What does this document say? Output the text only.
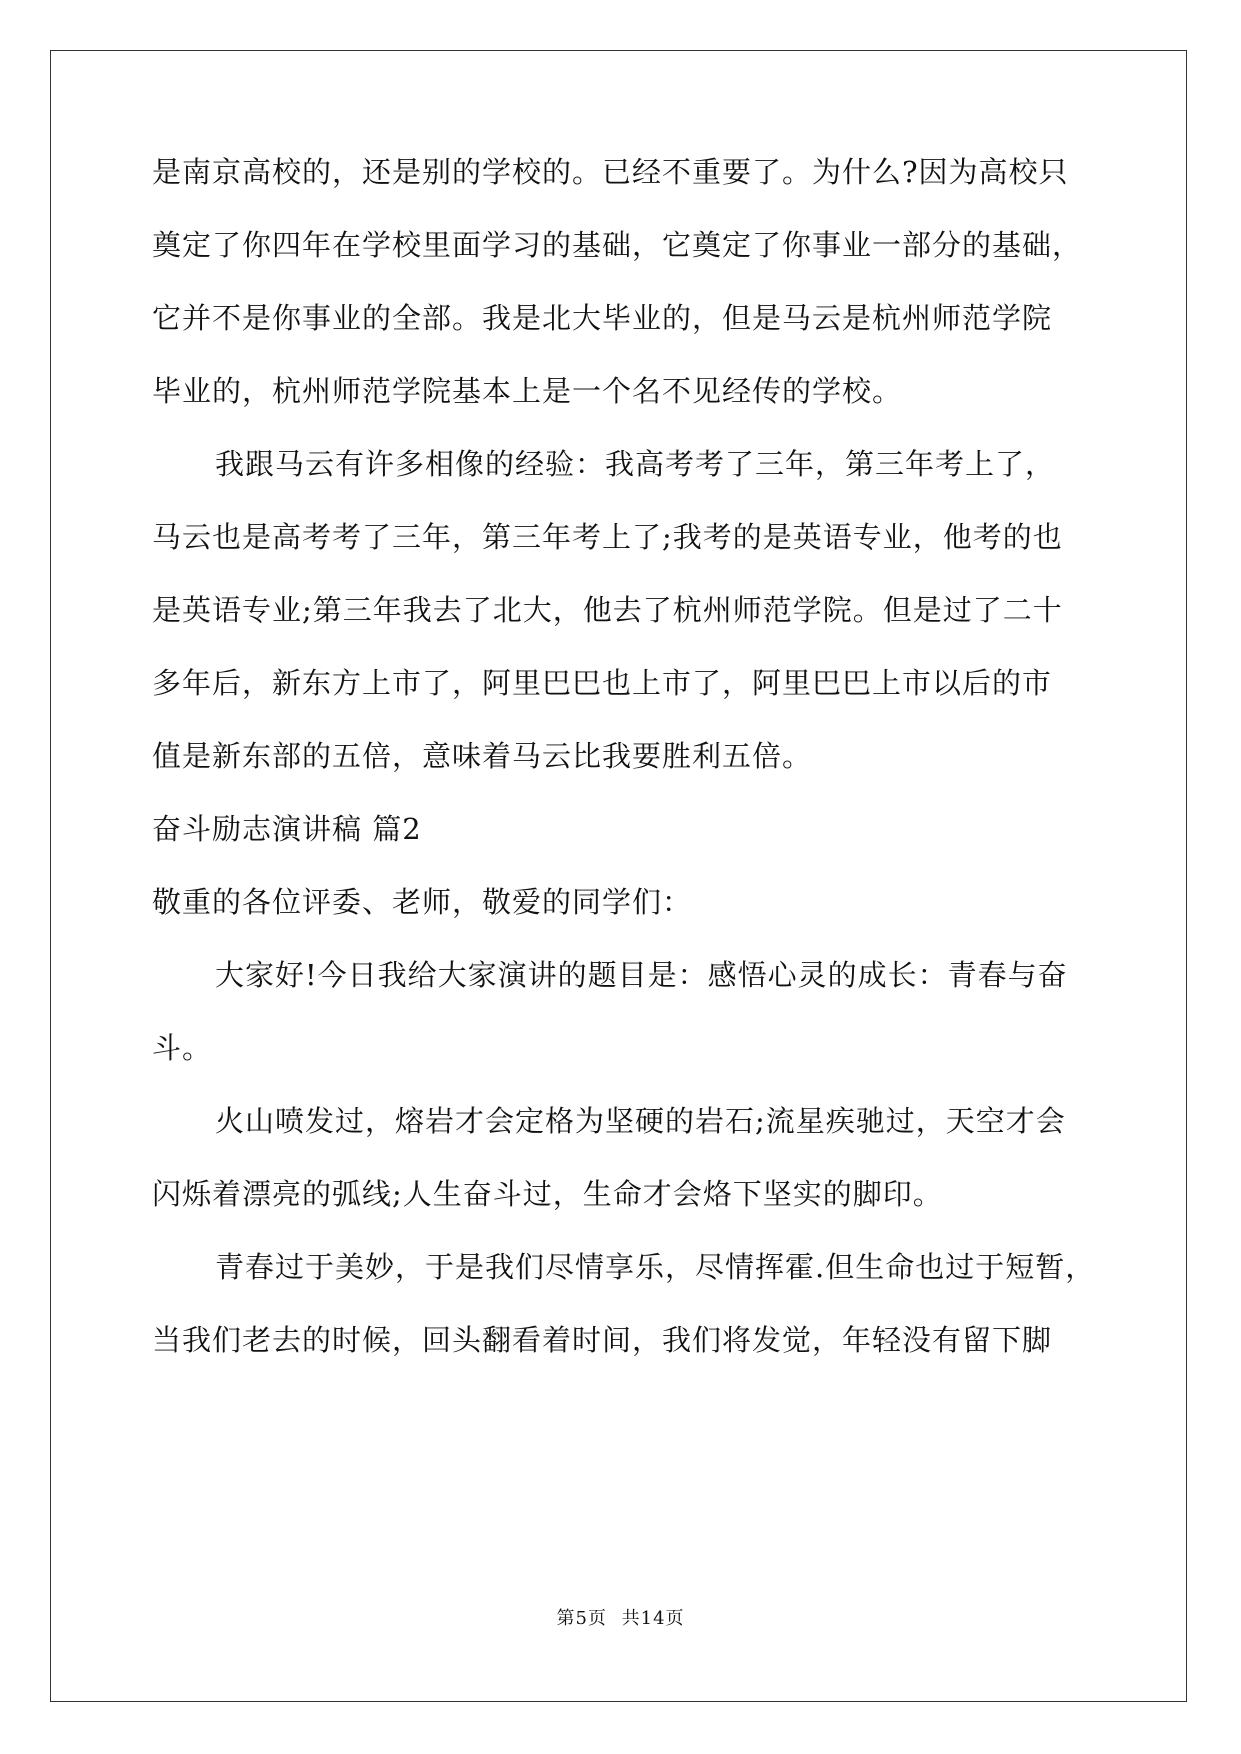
是南京高校的，还是别的学校的。已经不重要了。为什么?因为高校只
奠定了你四年在学校里面学习的基础，它奠定了你事业一部分的基础，
它并不是你事业的全部。我是北大毕业的，但是马云是杭州师范学院
毕业的，杭州师范学院基本上是一个名不见经传的学校。
我跟马云有许多相像的经验：我高考考了三年，第三年考上了，
马云也是高考考了三年，第三年考上了;我考的是英语专业，他考的也
是英语专业;第三年我去了北大，他去了杭州师范学院。但是过了二十
多年后，新东方上市了，阿里巴巴也上市了，阿里巴巴上市以后的市
值是新东部的五倍，意味着马云比我要胜利五倍。
奋斗励志演讲稿 篇2
敬重的各位评委、老师，敬爱的同学们：
大家好!今日我给大家演讲的题目是：感悟心灵的成长：青春与奋
斗。
火山喷发过，熔岩才会定格为坚硬的岩石;流星疾驰过，天空才会
闪烁着漂亮的弧线;人生奋斗过，生命才会烙下坚实的脚印。
青春过于美妙，于是我们尽情享乐，尽情挥霍.但生命也过于短暂，
当我们老去的时候，回头翻看着时间，我们将发觉，年轻没有留下脚
第5页 共14页
